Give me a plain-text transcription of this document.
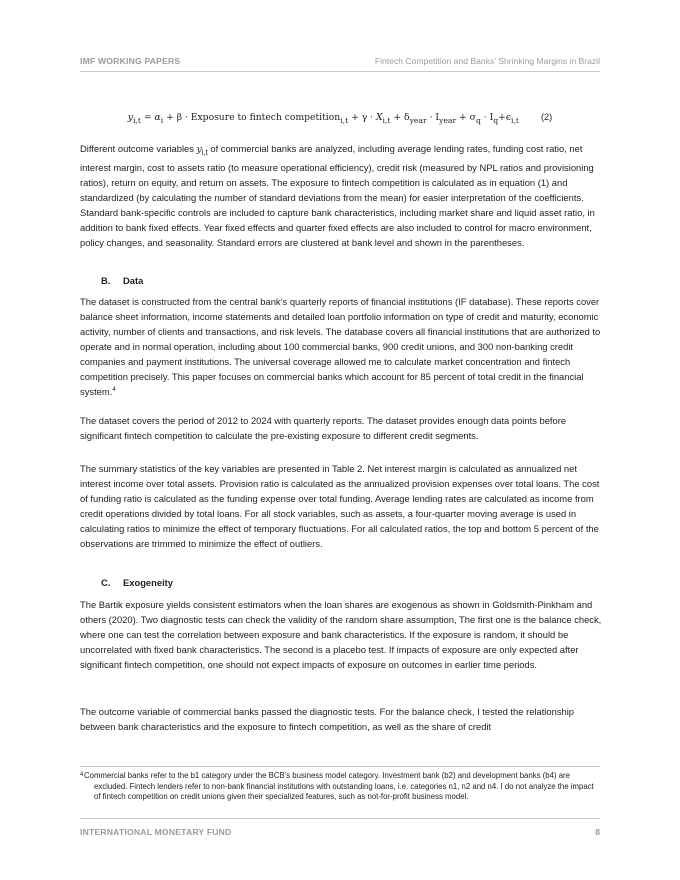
IMF WORKING PAPERS	Fintech Competition and Banks’ Shrinking Margins in Brazil
$y_{i,t} = \alpha_i + \beta$ · Exposure to fintech competition$_{i,t}$ + $\gamma \cdot X_{i,t} + \delta_{year} \cdot I_{year} + \sigma_q \cdot I_q+\epsilon_{i,t}$ (2)

Different outcome variables $y_{i,t}$ of commercial banks are analyzed, including average lending rates, funding cost ratio, net interest margin, cost to assets ratio (to measure operational efficiency), credit risk (measured by NPL ratios and provisioning ratios), return on equity, and return on assets. The exposure to fintech competition is calculated as in equation (1) and standardized (by calculating the number of standard deviations from the mean) for easier interpretation of the coefficients. Standard bank-specific controls are included to capture bank characteristics, including market share and liquid asset ratio, in addition to bank fixed effects. Year fixed effects and quarter fixed effects are also included to control for macro environment, policy changes, and seasonality. Standard errors are clustered at bank level and shown in the parentheses.

B. Data

The dataset is constructed from the central bank’s quarterly reports of financial institutions (IF database). These reports cover balance sheet information, income statements and detailed loan portfolio information on type of credit and maturity, economic activity, number of clients and transactions, and risk levels. The database covers all financial institutions that are authorized to operate and in normal operation, including about 100 commercial banks, 900 credit unions, and 300 non-banking credit companies and payment institutions. The universal coverage allowed me to calculate market concentration and fintech competition precisely. This paper focuses on commercial banks which account for 85 percent of total credit in the financial system.$^4$

The dataset covers the period of 2012 to 2024 with quarterly reports. The dataset provides enough data points before significant fintech competition to calculate the pre-existing exposure to different credit segments.

The summary statistics of the key variables are presented in Table 2. Net interest margin is calculated as annualized net interest income over total assets. Provision ratio is calculated as the annualized provision expenses over total loans. The cost of funding ratio is calculated as the funding expense over total funding. Average lending rates are calculated as income from credit operations divided by total loans. For all stock variables, such as assets, a four-quarter moving average is used in calculating ratios to minimize the effect of temporary fluctuations. For all calculated ratios, the top and bottom 5 percent of the observations are trimmed to minimize the effect of outliers.

C. Exogeneity

The Bartik exposure yields consistent estimators when the loan shares are exogenous as shown in Goldsmith-Pinkham and others (2020). Two diagnostic tests can check the validity of the random share assumption, The first one is the balance check, where one can test the correlation between exposure and bank characteristics. If the exposure is random, it should be uncorrelated with fixed bank characteristics. The second is a placebo test. If impacts of exposure are only expected after significant fintech competition, one should not expect impacts of exposure on outcomes in earlier time periods.

The outcome variable of commercial banks passed the diagnostic tests. For the balance check, I tested the relationship between bank characteristics and the exposure to fintech competition, as well as the share of credit

4 Commercial banks refer to the b1 category under the BCB’s business model category. Investment bank (b2) and development banks (b4) are excluded. Fintech lenders refer to non-bank financial institutions with outstanding loans, i.e. categories n1, n2 and n4. I do not analyze the impact of fintech competition on credit unions given their specialized features, such as not-for-profit business model.

INTERNATIONAL MONETARY FUND	8
